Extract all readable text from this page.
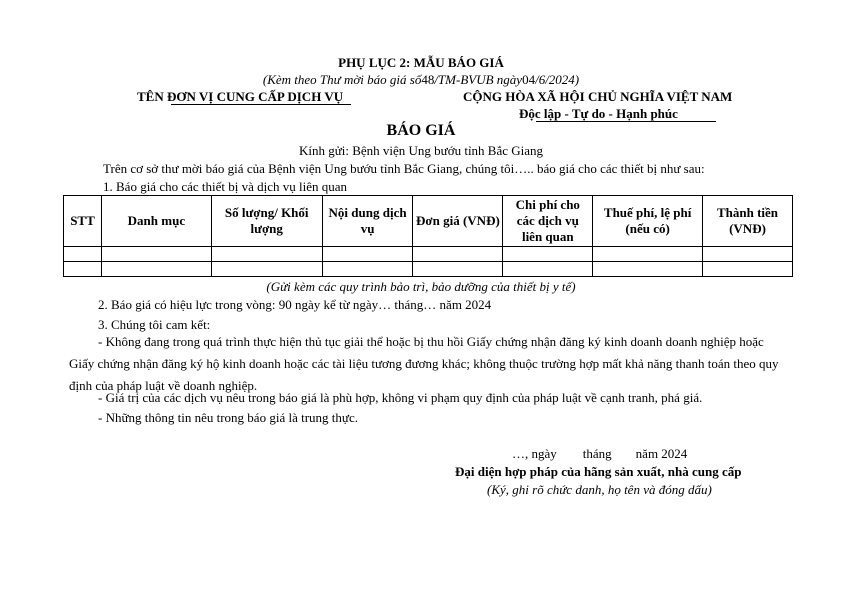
PHỤ LỤC 2: MẪU BÁO GIÁ
(Kèm theo Thư mời báo giá số48/TM-BVUB ngày04/6/2024)
TÊN ĐƠN VỊ CUNG CẤP DỊCH VỤ	CỘNG HÒA XÃ HỘI CHỦ NGHĨA VIỆT NAM
Độc lập - Tự do - Hạnh phúc
BÁO GIÁ
Kính gửi: Bệnh viện Ung bướu tỉnh Bắc Giang
Trên cơ sở thư mời báo giá của Bệnh viện Ung bướu tỉnh Bắc Giang, chúng tôi….. báo giá cho các thiết bị như sau:
1. Báo giá cho các thiết bị và dịch vụ liên quan
STT	Danh mục	Số lượng/ Khối lượng	Nội dung dịch vụ	Đơn giá (VNĐ)	Chi phí cho các dịch vụ liên quan	Thuế phí, lệ phí (nếu có)	Thành tiền (VNĐ)

(Gửi kèm các quy trình bảo trì, bảo dưỡng của thiết bị y tế)
2. Báo giá có hiệu lực trong vòng: 90 ngày kể từ ngày… tháng… năm 2024
3. Chúng tôi cam kết:
- Không đang trong quá trình thực hiện thủ tục giải thể hoặc bị thu hồi Giấy chứng nhận đăng ký kinh doanh doanh nghiệp hoặc Giấy chứng nhận đăng ký hộ kinh doanh hoặc các tài liệu tương đương khác; không thuộc trường hợp mất khả năng thanh toán theo quy định của pháp luật về doanh nghiệp.
- Giá trị của các dịch vụ nêu trong báo giá là phù hợp, không vi phạm quy định của pháp luật về cạnh tranh, phá giá.
- Những thông tin nêu trong báo giá là trung thực.
…, ngày tháng năm 2024
Đại diện hợp pháp của hãng sản xuất, nhà cung cấp
(Ký, ghi rõ chức danh, họ tên và đóng dấu)
